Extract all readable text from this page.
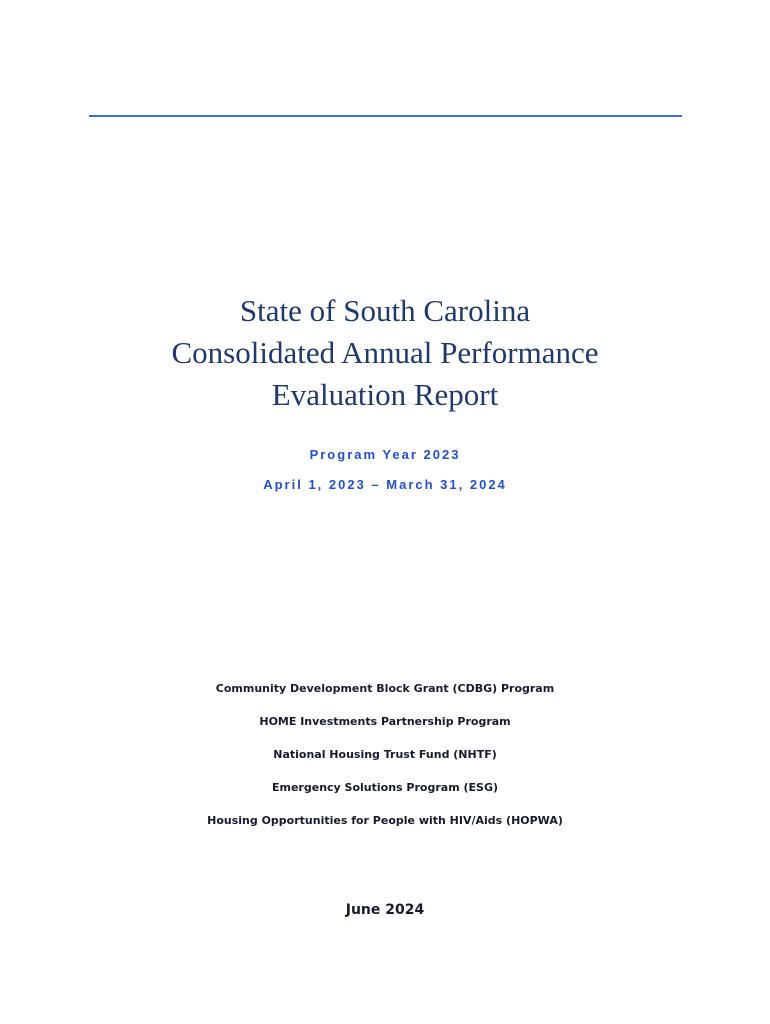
State of South Carolina
Consolidated Annual Performance
Evaluation Report
Program Year 2023
April 1, 2023 – March 31, 2024
Community Development Block Grant (CDBG) Program
HOME Investments Partnership Program
National Housing Trust Fund (NHTF)
Emergency Solutions Program (ESG)
Housing Opportunities for People with HIV/Aids (HOPWA)
June 2024
